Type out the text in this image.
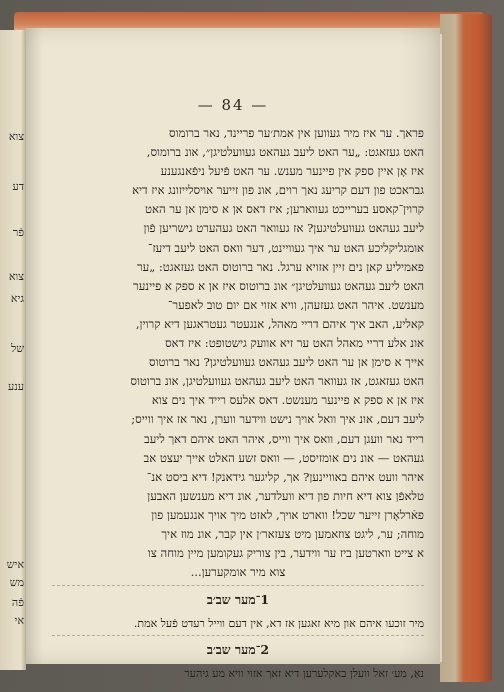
צוא
דע
פֿר
צוא
גיא
של
ענע
איש
מש
פֿה
אי
— 84 —

פראך. ער איז מיר געווען אין אמת׳ער פריינד, נאר ברומוס
האט געזאגט: „ער האט ליעב געהאט געוועלטיגן״, אונ ברומוס,
איז אָן איין ספק אין פיינער מענש. ער האט פֿיעל ניפֿאנגענע
גבראכט פון דעם קריעג נאך רוים, אונ פון זייער אויסלייזונג איז דיא
קרוין־קאסע בערייכט געווארען; איז דאס אן א סימן אן ער האט
ליעב געהאט געוועלטיגען? אז געוואר האט געהערט גישריען פֿון
אומגליקליכע האט ער איך געוויינט, דער וואס האט ליעב דיעז־
פאמיליע קאן נים זיין אזויא ערגל. נאר ברוטוס האט געזאגט: „ער
האט ליעב געהאט געוועלטיגן״ אונ ברוטוס איז אן א ספק א פיינער
מענשט. איהר האט געזעהן, וויא אזוי אם יום טוב לאפער־
קאליע, האב איך איהם דריי מאהל, אנגעטר געטראגען דיא קרוין,
אונ אלע דריי מאהל האט ער זיא אוועק גישטופט: איז דאס
אייך א סימן אן ער האט ליעב געהאט געוועלטיגן? נאר ברוטוס
האט געזאגט, אז געוואר האט ליעב געהאט געוועלטיגן, אונ ברוטוס
איז אן א ספק א פיינער מענשט. דאס אלעס רייד איך נים צוא
ליעב דעם, אונ איך וואל אויך נישט ווידער ווערן, נאר אז איך ווייס;
רייד נאר וועגן דעם, וואס איך ווייס, איהר האט איהם דאך ליעב
געהאט — אונ נים אומזיסט, — וואס זשע האלט אייך יעצט אב
איהר וועט איהם באוויינען? אך, קליגער גידאנק! דיא ביסט אנ־
טלאפֿן צוא דיא חיות פון דיא וועלדער, אונ דיא מענשען האבען
פאֿרלאָרן זייער שכל! ווארט אויך, לאזט מיך אויך אנגעמען פון
מוחה; ער, ליגט צוזאמען מיט צעזאר׳ן אין קבר, אונ מוז איך
א צייט ווארטען ביז ער ווידער, בין צוריק געקומען מיין מוחה צו
צוא מיר אומקערען...

1־מער שב׳ב
מיר זוכעו איהם און מיא זאגען אז דא, אין דעם ווייל רעדט פֿעל אמת.
2־מער שב׳ב
נאַ, מע׳ זאל וועלן באקלערען דיא זאך אזוי וויא מע גיהער
